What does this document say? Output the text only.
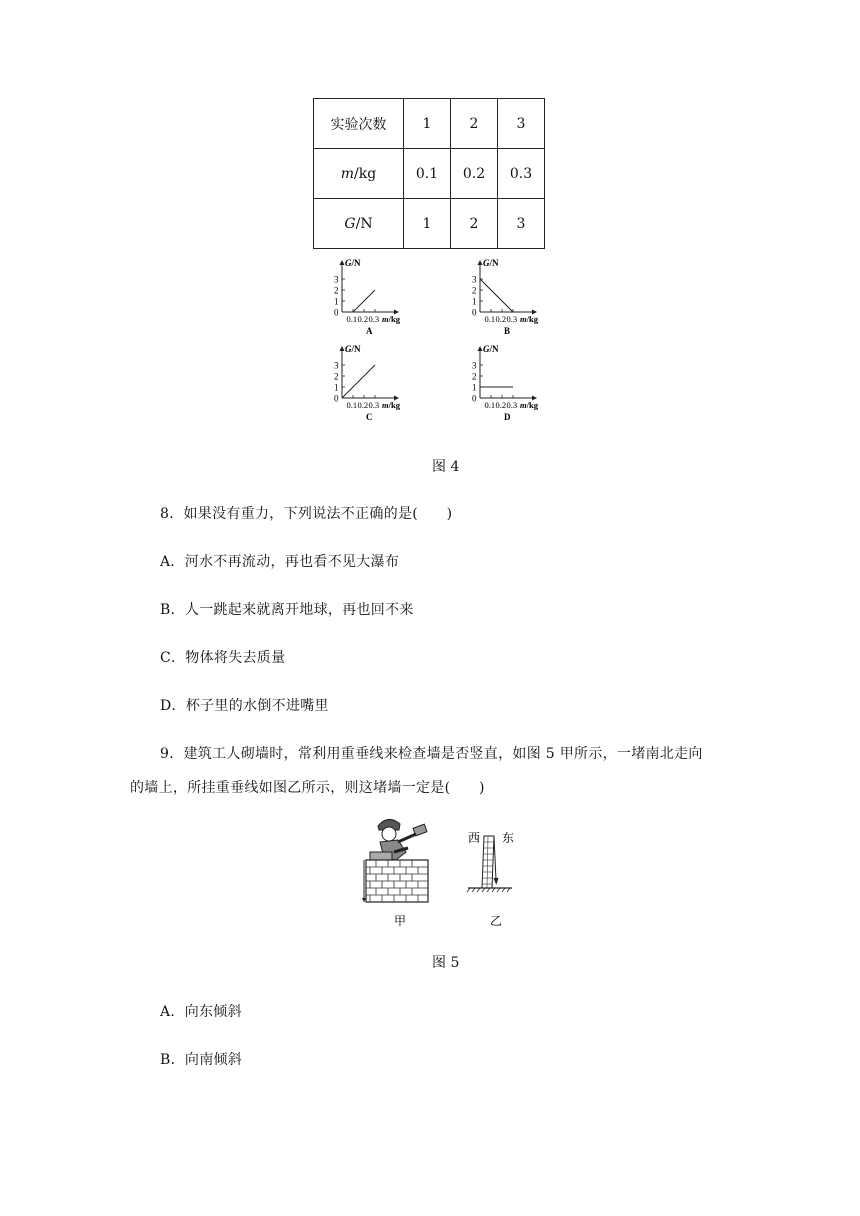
实验次数	1	2	3
m/kg	0.1	0.2	0.3
G/N	1	2	3
3
2
1
0
0.1 0.2 0.3
G/N
m/kg
A
3
2
1
0
0.1 0.2 0.3
G/N
m/kg
B
3
2
1
0
0.1 0.2 0.3
G/N
m/kg
C
3
2
1
0
0.1 0.2 0.3
G/N
m/kg
D
图 4
8．如果没有重力，下列说法不正确的是(　　)
A．河水不再流动，再也看不见大瀑布
B．人一跳起来就离开地球，再也回不来
C．物体将失去质量
D．杯子里的水倒不进嘴里
9．建筑工人砌墙时，常利用重垂线来检查墙是否竖直，如图 5 甲所示，一堵南北走向
的墙上，所挂重垂线如图乙所示，则这堵墙一定是(　　)
西 东
甲	乙
图 5
A．向东倾斜
B．向南倾斜
